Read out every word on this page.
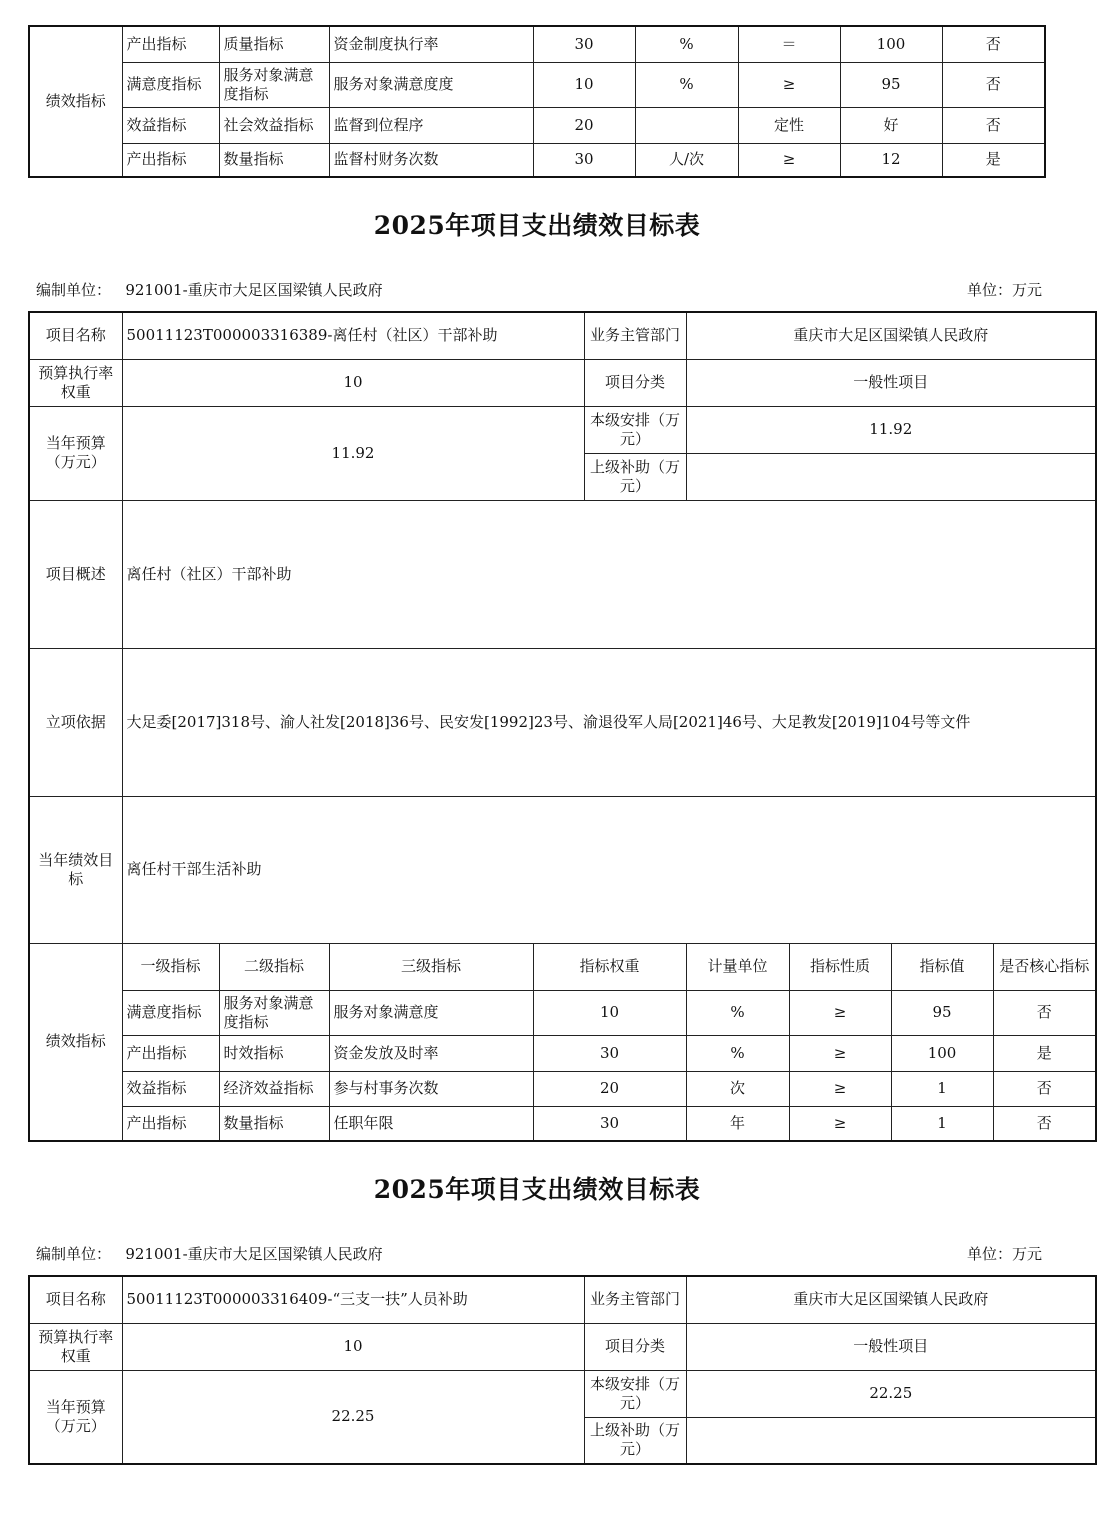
绩效指标	产出指标	质量指标	资金制度执行率	30	%	＝	100	否
	满意度指标	服务对象满意度指标	服务对象满意度度	10	%	≥	95	否
	效益指标	社会效益指标	监督到位程序	20		定性	好	否
	产出指标	数量指标	监督村财务次数	30	人/次	≥	12	是
2025年项目支出绩效目标表
编制单位： 921001-重庆市大足区国梁镇人民政府	单位：万元
项目名称	50011123T000003316389-离任村（社区）干部补助				业务主管部门	重庆市大足区国梁镇人民政府			
预算执行率权重	10				项目分类	一般性项目			
当年预算（万元）	11.92				本级安排（万元）	11.92			
					上级补助（万元）				
项目概述	离任村（社区）干部补助								
立项依据	大足委[2017]318号、渝人社发[2018]36号、民安发[1992]23号、渝退役军人局[2021]46号、大足教发[2019]104号等文件								
当年绩效目标	离任村干部生活补助								
绩效指标	一级指标	二级指标	三级指标	指标权重		计量单位	指标性质	指标值	是否核心指标
	满意度指标	服务对象满意度指标	服务对象满意度	10		%	≥	95	否
	产出指标	时效指标	资金发放及时率	30		%	≥	100	是
	效益指标	经济效益指标	参与村事务次数	20		次	≥	1	否
	产出指标	数量指标	任职年限	30		年	≥	1	否
2025年项目支出绩效目标表
编制单位： 921001-重庆市大足区国梁镇人民政府	单位：万元
项目名称	50011123T000003316409-“三支一扶”人员补助	业务主管部门	重庆市大足区国梁镇人民政府
预算执行率权重	10	项目分类	一般性项目
当年预算（万元）	22.25	本级安排（万元）	22.25
		上级补助（万元）	
